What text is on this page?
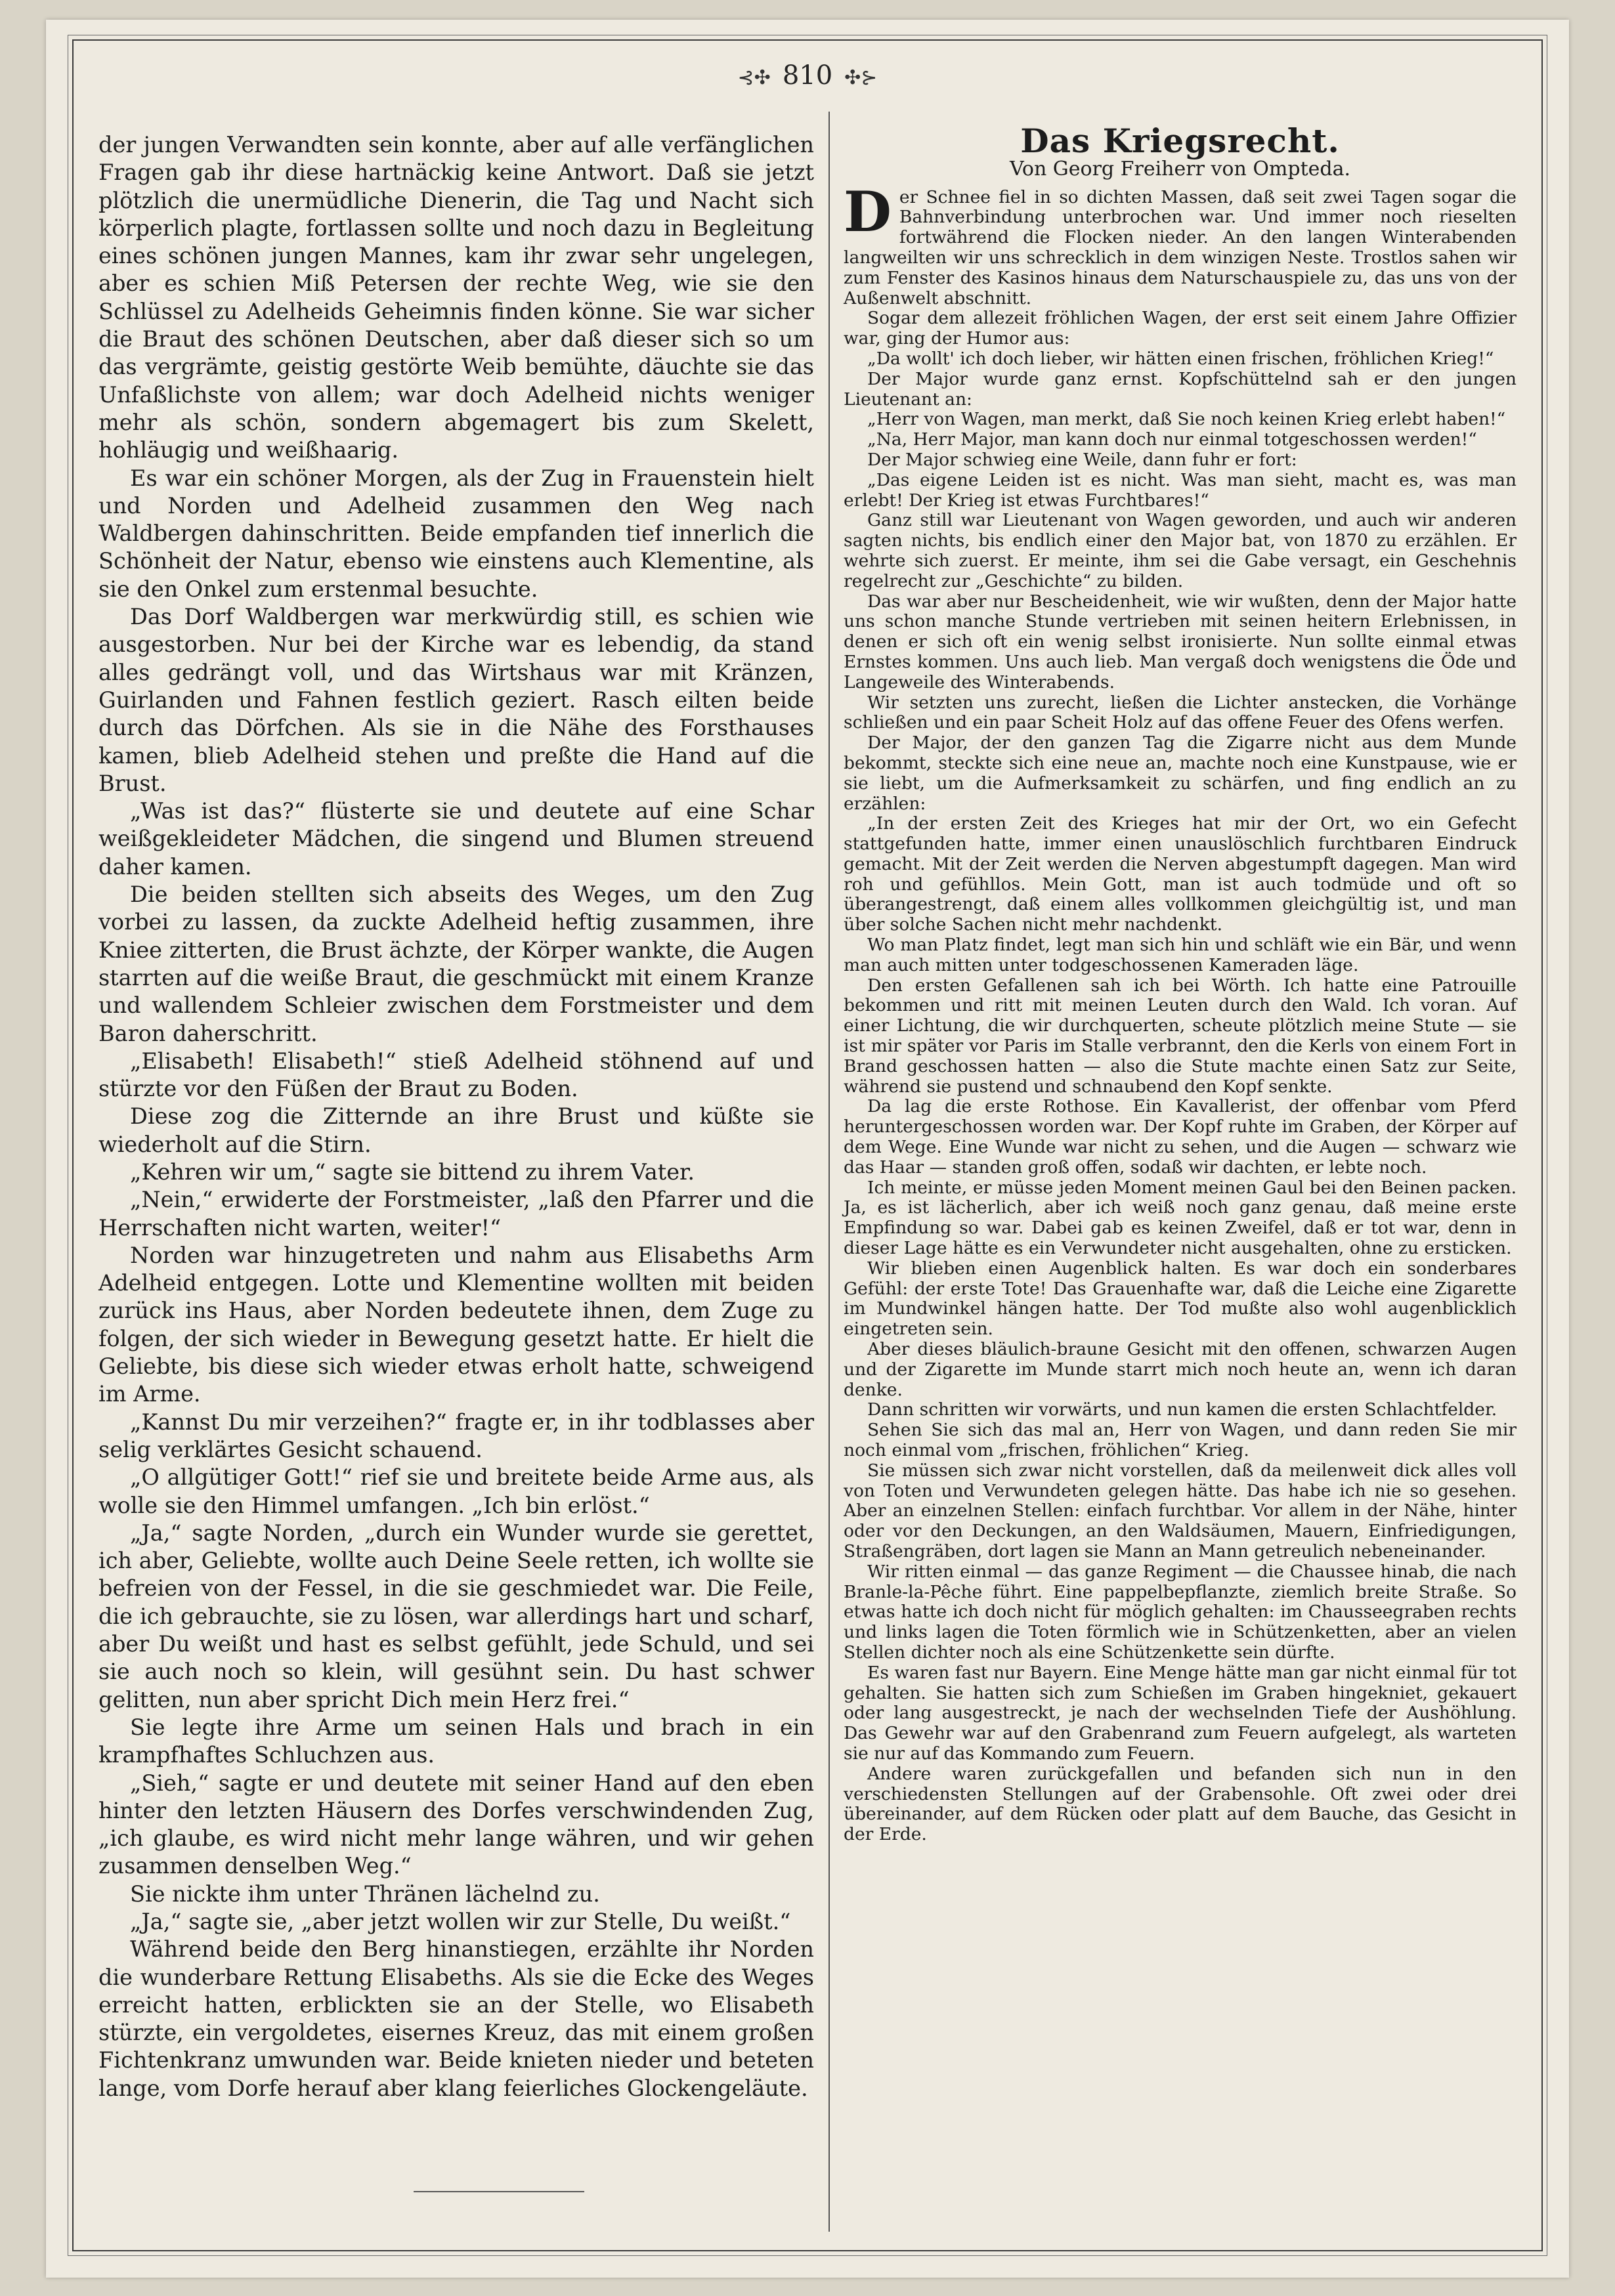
⊰✣ 810 ✣⊱

der jungen Verwandten sein konnte, aber auf alle verfänglichen Fragen gab ihr diese hartnäckig keine Antwort. Daß sie jetzt plötzlich die unermüdliche Dienerin, die Tag und Nacht sich körperlich plagte, fortlassen sollte und noch dazu in Begleitung eines schönen jungen Mannes, kam ihr zwar sehr ungelegen, aber es schien Miß Petersen der rechte Weg, wie sie den Schlüssel zu Adelheids Geheimnis finden könne. Sie war sicher die Braut des schönen Deutschen, aber daß dieser sich so um das vergrämte, geistig gestörte Weib bemühte, däuchte sie das Unfaßlichste von allem; war doch Adelheid nichts weniger mehr als schön, sondern abgemagert bis zum Skelett, hohläugig und weißhaarig.

Es war ein schöner Morgen, als der Zug in Frauenstein hielt und Norden und Adelheid zusammen den Weg nach Waldbergen dahinschritten. Beide empfanden tief innerlich die Schönheit der Natur, ebenso wie einstens auch Klementine, als sie den Onkel zum erstenmal besuchte.

Das Dorf Waldbergen war merkwürdig still, es schien wie ausgestorben. Nur bei der Kirche war es lebendig, da stand alles gedrängt voll, und das Wirtshaus war mit Kränzen, Guirlanden und Fahnen festlich geziert. Rasch eilten beide durch das Dörfchen. Als sie in die Nähe des Forsthauses kamen, blieb Adelheid stehen und preßte die Hand auf die Brust.

„Was ist das?“ flüsterte sie und deutete auf eine Schar weißgekleideter Mädchen, die singend und Blumen streuend daher kamen.

Die beiden stellten sich abseits des Weges, um den Zug vorbei zu lassen, da zuckte Adelheid heftig zusammen, ihre Kniee zitterten, die Brust ächzte, der Körper wankte, die Augen starrten auf die weiße Braut, die geschmückt mit einem Kranze und wallendem Schleier zwischen dem Forstmeister und dem Baron daherschritt.

„Elisabeth! Elisabeth!“ stieß Adelheid stöhnend auf und stürzte vor den Füßen der Braut zu Boden.

Diese zog die Zitternde an ihre Brust und küßte sie wiederholt auf die Stirn.

„Kehren wir um,“ sagte sie bittend zu ihrem Vater.

„Nein,“ erwiderte der Forstmeister, „laß den Pfarrer und die Herrschaften nicht warten, weiter!“

Norden war hinzugetreten und nahm aus Elisabeths Arm Adelheid entgegen. Lotte und Klementine wollten mit beiden zurück ins Haus, aber Norden bedeutete ihnen, dem Zuge zu folgen, der sich wieder in Bewegung gesetzt hatte. Er hielt die Geliebte, bis diese sich wieder etwas erholt hatte, schweigend im Arme.

„Kannst Du mir verzeihen?“ fragte er, in ihr todblasses aber selig verklärtes Gesicht schauend.

„O allgütiger Gott!“ rief sie und breitete beide Arme aus, als wolle sie den Himmel umfangen. „Ich bin erlöst.“

„Ja,“ sagte Norden, „durch ein Wunder wurde sie gerettet, ich aber, Geliebte, wollte auch Deine Seele retten, ich wollte sie befreien von der Fessel, in die sie geschmiedet war. Die Feile, die ich gebrauchte, sie zu lösen, war allerdings hart und scharf, aber Du weißt und hast es selbst gefühlt, jede Schuld, und sei sie auch noch so klein, will gesühnt sein. Du hast schwer gelitten, nun aber spricht Dich mein Herz frei.“

Sie legte ihre Arme um seinen Hals und brach in ein krampfhaftes Schluchzen aus.

„Sieh,“ sagte er und deutete mit seiner Hand auf den eben hinter den letzten Häusern des Dorfes verschwindenden Zug, „ich glaube, es wird nicht mehr lange währen, und wir gehen zusammen denselben Weg.“

Sie nickte ihm unter Thränen lächelnd zu.

„Ja,“ sagte sie, „aber jetzt wollen wir zur Stelle, Du weißt.“

Während beide den Berg hinanstiegen, erzählte ihr Norden die wunderbare Rettung Elisabeths. Als sie die Ecke des Weges erreicht hatten, erblickten sie an der Stelle, wo Elisabeth stürzte, ein vergoldetes, eisernes Kreuz, das mit einem großen Fichtenkranz umwunden war. Beide knieten nieder und beteten lange, vom Dorfe herauf aber klang feierliches Glockengeläute.

Das Kriegsrecht.
Von Georg Freiherr von Ompteda.

Der Schnee fiel in so dichten Massen, daß seit zwei Tagen sogar die Bahnverbindung unterbrochen war. Und immer noch rieselten fortwährend die Flocken nieder. An den langen Winterabenden langweilten wir uns schrecklich in dem winzigen Neste. Trostlos sahen wir zum Fenster des Kasinos hinaus dem Naturschauspiele zu, das uns von der Außenwelt abschnitt.

Sogar dem allezeit fröhlichen Wagen, der erst seit einem Jahre Offizier war, ging der Humor aus:

„Da wollt' ich doch lieber, wir hätten einen frischen, fröhlichen Krieg!“

Der Major wurde ganz ernst. Kopfschüttelnd sah er den jungen Lieutenant an:

„Herr von Wagen, man merkt, daß Sie noch keinen Krieg erlebt haben!“

„Na, Herr Major, man kann doch nur einmal totgeschossen werden!“

Der Major schwieg eine Weile, dann fuhr er fort:

„Das eigene Leiden ist es nicht. Was man sieht, macht es, was man erlebt! Der Krieg ist etwas Furchtbares!“

Ganz still war Lieutenant von Wagen geworden, und auch wir anderen sagten nichts, bis endlich einer den Major bat, von 1870 zu erzählen. Er wehrte sich zuerst. Er meinte, ihm sei die Gabe versagt, ein Geschehnis regelrecht zur „Geschichte“ zu bilden.

Das war aber nur Bescheidenheit, wie wir wußten, denn der Major hatte uns schon manche Stunde vertrieben mit seinen heitern Erlebnissen, in denen er sich oft ein wenig selbst ironisierte. Nun sollte einmal etwas Ernstes kommen. Uns auch lieb. Man vergaß doch wenigstens die Öde und Langeweile des Winterabends.

Wir setzten uns zurecht, ließen die Lichter anstecken, die Vorhänge schließen und ein paar Scheit Holz auf das offene Feuer des Ofens werfen.

Der Major, der den ganzen Tag die Zigarre nicht aus dem Munde bekommt, steckte sich eine neue an, machte noch eine Kunstpause, wie er sie liebt, um die Aufmerksamkeit zu schärfen, und fing endlich an zu erzählen:

„In der ersten Zeit des Krieges hat mir der Ort, wo ein Gefecht stattgefunden hatte, immer einen unauslöschlich furchtbaren Eindruck gemacht. Mit der Zeit werden die Nerven abgestumpft dagegen. Man wird roh und gefühllos. Mein Gott, man ist auch todmüde und oft so überangestrengt, daß einem alles vollkommen gleichgültig ist, und man über solche Sachen nicht mehr nachdenkt.

Wo man Platz findet, legt man sich hin und schläft wie ein Bär, und wenn man auch mitten unter todgeschossenen Kameraden läge.

Den ersten Gefallenen sah ich bei Wörth. Ich hatte eine Patrouille bekommen und ritt mit meinen Leuten durch den Wald. Ich voran. Auf einer Lichtung, die wir durchquerten, scheute plötzlich meine Stute — sie ist mir später vor Paris im Stalle verbrannt, den die Kerls von einem Fort in Brand geschossen hatten — also die Stute machte einen Satz zur Seite, während sie pustend und schnaubend den Kopf senkte.

Da lag die erste Rothose. Ein Kavallerist, der offenbar vom Pferd heruntergeschossen worden war. Der Kopf ruhte im Graben, der Körper auf dem Wege. Eine Wunde war nicht zu sehen, und die Augen — schwarz wie das Haar — standen groß offen, sodaß wir dachten, er lebte noch.

Ich meinte, er müsse jeden Moment meinen Gaul bei den Beinen packen. Ja, es ist lächerlich, aber ich weiß noch ganz genau, daß meine erste Empfindung so war. Dabei gab es keinen Zweifel, daß er tot war, denn in dieser Lage hätte es ein Verwundeter nicht ausgehalten, ohne zu ersticken.

Wir blieben einen Augenblick halten. Es war doch ein sonderbares Gefühl: der erste Tote! Das Grauenhafte war, daß die Leiche eine Zigarette im Mundwinkel hängen hatte. Der Tod mußte also wohl augenblicklich eingetreten sein.

Aber dieses bläulich-braune Gesicht mit den offenen, schwarzen Augen und der Zigarette im Munde starrt mich noch heute an, wenn ich daran denke.

Dann schritten wir vorwärts, und nun kamen die ersten Schlachtfelder.

Sehen Sie sich das mal an, Herr von Wagen, und dann reden Sie mir noch einmal vom „frischen, fröhlichen“ Krieg.

Sie müssen sich zwar nicht vorstellen, daß da meilenweit dick alles voll von Toten und Verwundeten gelegen hätte. Das habe ich nie so gesehen. Aber an einzelnen Stellen: einfach furchtbar. Vor allem in der Nähe, hinter oder vor den Deckungen, an den Waldsäumen, Mauern, Einfriedigungen, Straßengräben, dort lagen sie Mann an Mann getreulich nebeneinander.

Wir ritten einmal — das ganze Regiment — die Chaussee hinab, die nach Branle-la-Pêche führt. Eine pappelbepflanzte, ziemlich breite Straße. So etwas hatte ich doch nicht für möglich gehalten: im Chausseegraben rechts und links lagen die Toten förmlich wie in Schützenketten, aber an vielen Stellen dichter noch als eine Schützenkette sein dürfte.

Es waren fast nur Bayern. Eine Menge hätte man gar nicht einmal für tot gehalten. Sie hatten sich zum Schießen im Graben hingekniet, gekauert oder lang ausgestreckt, je nach der wechselnden Tiefe der Aushöhlung. Das Gewehr war auf den Grabenrand zum Feuern aufgelegt, als warteten sie nur auf das Kommando zum Feuern.

Andere waren zurückgefallen und befanden sich nun in den verschiedensten Stellungen auf der Grabensohle. Oft zwei oder drei übereinander, auf dem Rücken oder platt auf dem Bauche, das Gesicht in der Erde.
